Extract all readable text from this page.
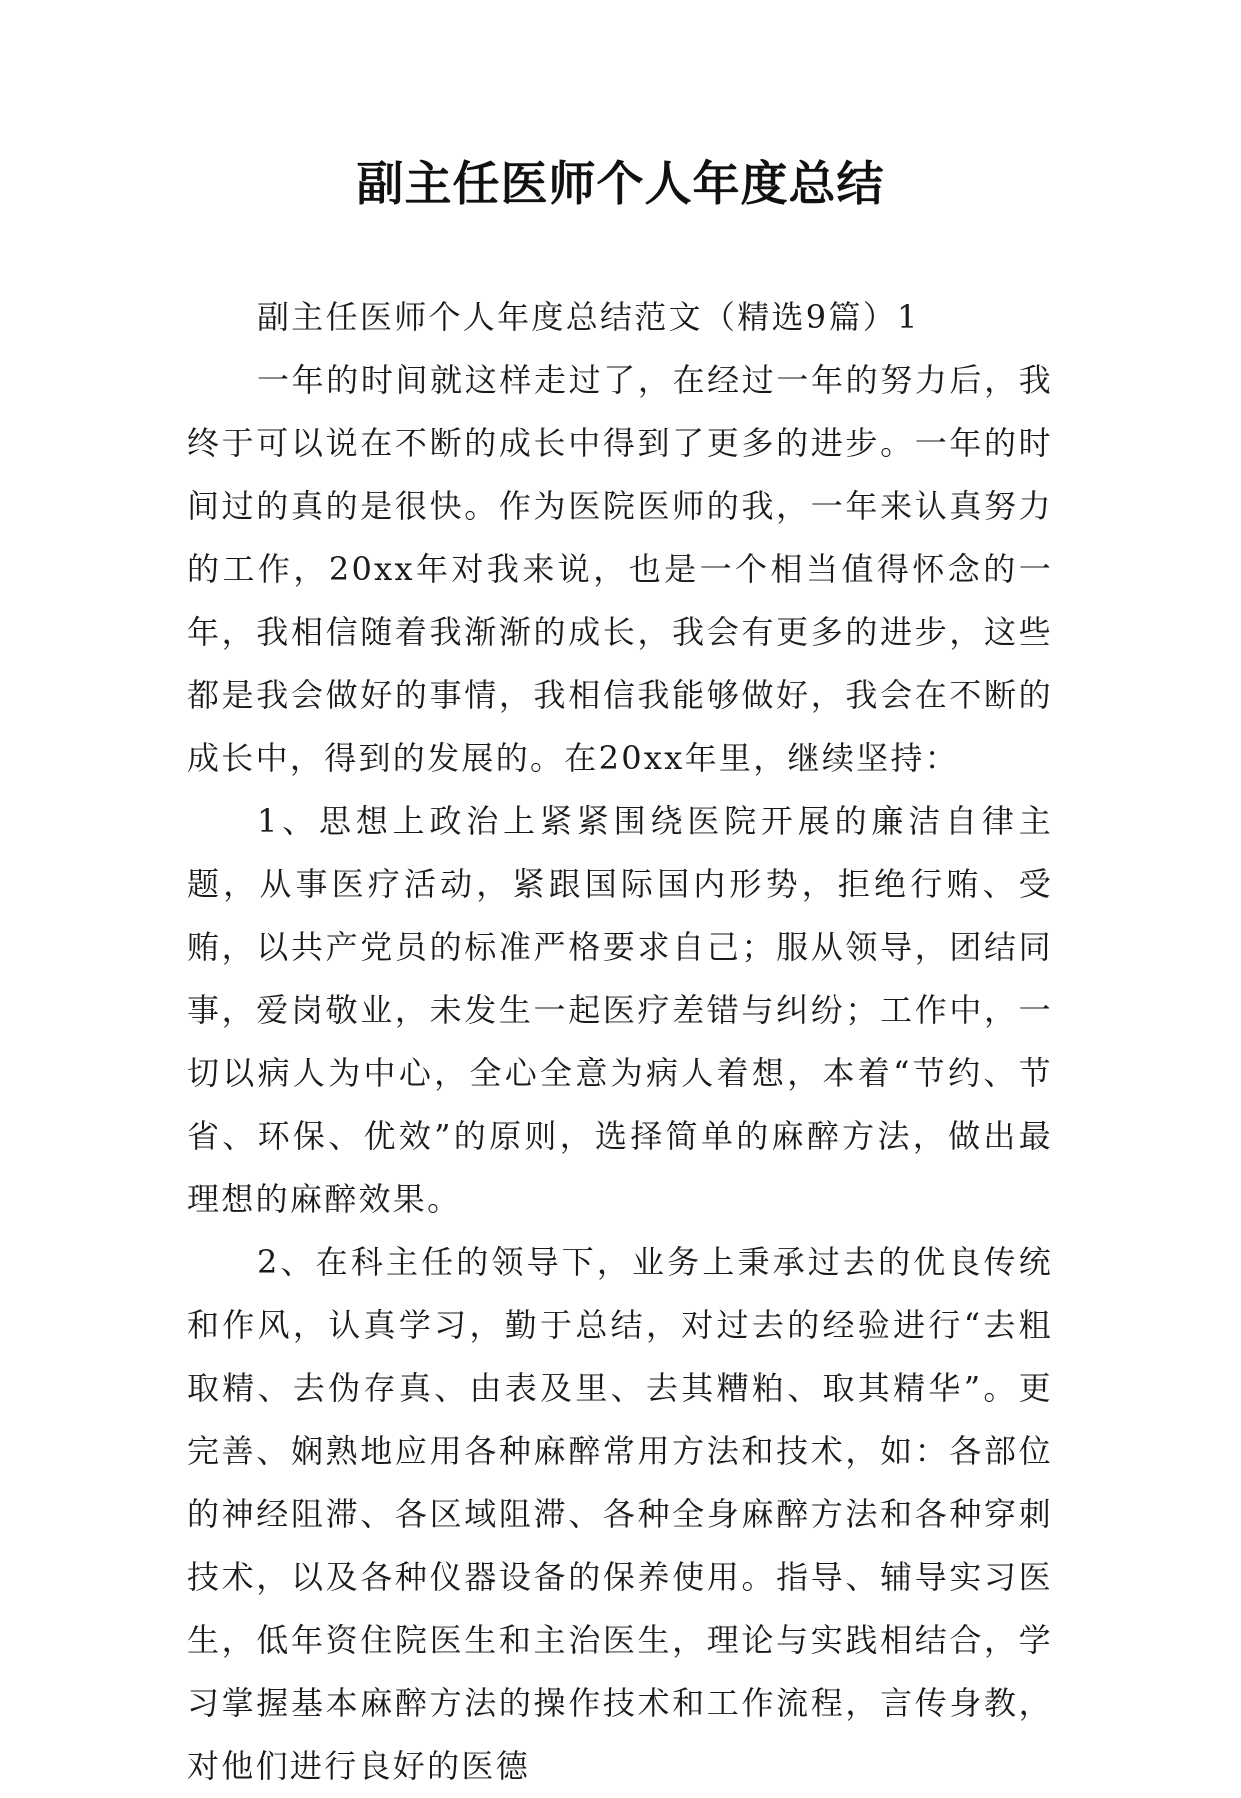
副主任医师个人年度总结

副主任医师个人年度总结范文（精选9篇）1

一年的时间就这样走过了，在经过一年的努力后，我终于可以说在不断的成长中得到了更多的进步。一年的时间过的真的是很快。作为医院医师的我，一年来认真努力的工作，20xx年对我来说，也是一个相当值得怀念的一年，我相信随着我渐渐的成长，我会有更多的进步，这些都是我会做好的事情，我相信我能够做好，我会在不断的成长中，得到的发展的。在20xx年里，继续坚持：

1、思想上政治上紧紧围绕医院开展的廉洁自律主题，从事医疗活动，紧跟国际国内形势，拒绝行贿、受贿，以共产党员的标准严格要求自己；服从领导，团结同事，爱岗敬业，未发生一起医疗差错与纠纷；工作中，一切以病人为中心，全心全意为病人着想，本着“节约、节省、环保、优效”的原则，选择简单的麻醉方法，做出最理想的麻醉效果。

2、在科主任的领导下，业务上秉承过去的优良传统和作风，认真学习，勤于总结，对过去的经验进行“去粗取精、去伪存真、由表及里、去其糟粕、取其精华”。更完善、娴熟地应用各种麻醉常用方法和技术，如：各部位的神经阻滞、各区域阻滞、各种全身麻醉方法和各种穿刺技术，以及各种仪器设备的保养使用。指导、辅导实习医生，低年资住院医生和主治医生，理论与实践相结合，学习掌握基本麻醉方法的操作技术和工作流程，言传身教，对他们进行良好的医德
